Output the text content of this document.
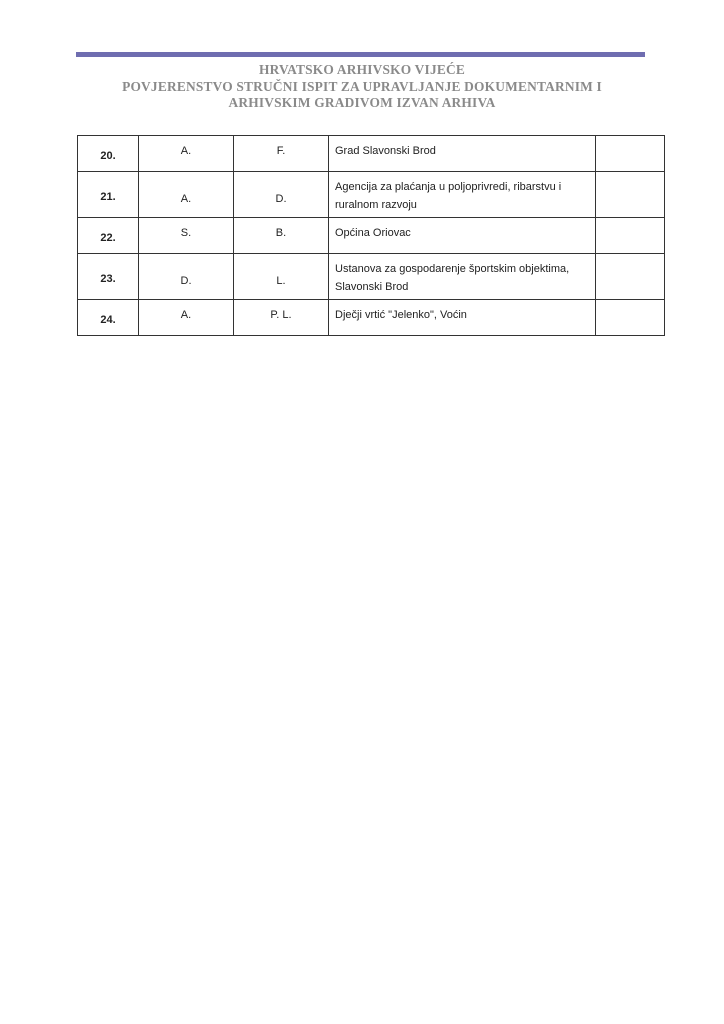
HRVATSKO ARHIVSKO VIJEĆE
POVJERENSTVO STRUČNI ISPIT ZA UPRAVLJANJE DOKUMENTARNIM I
ARHIVSKIM GRADIVOM IZVAN ARHIVA
20.	A.	F.	Grad Slavonski Brod	
21.	A.	D.	Agencija za plaćanja u poljoprivredi, ribarstvu i ruralnom razvoju	
22.	S.	B.	Općina Oriovac	
23.	D.	L.	Ustanova za gospodarenje športskim objektima, Slavonski Brod	
24.	A.	P. L.	Dječji vrtić "Jelenko", Voćin	
